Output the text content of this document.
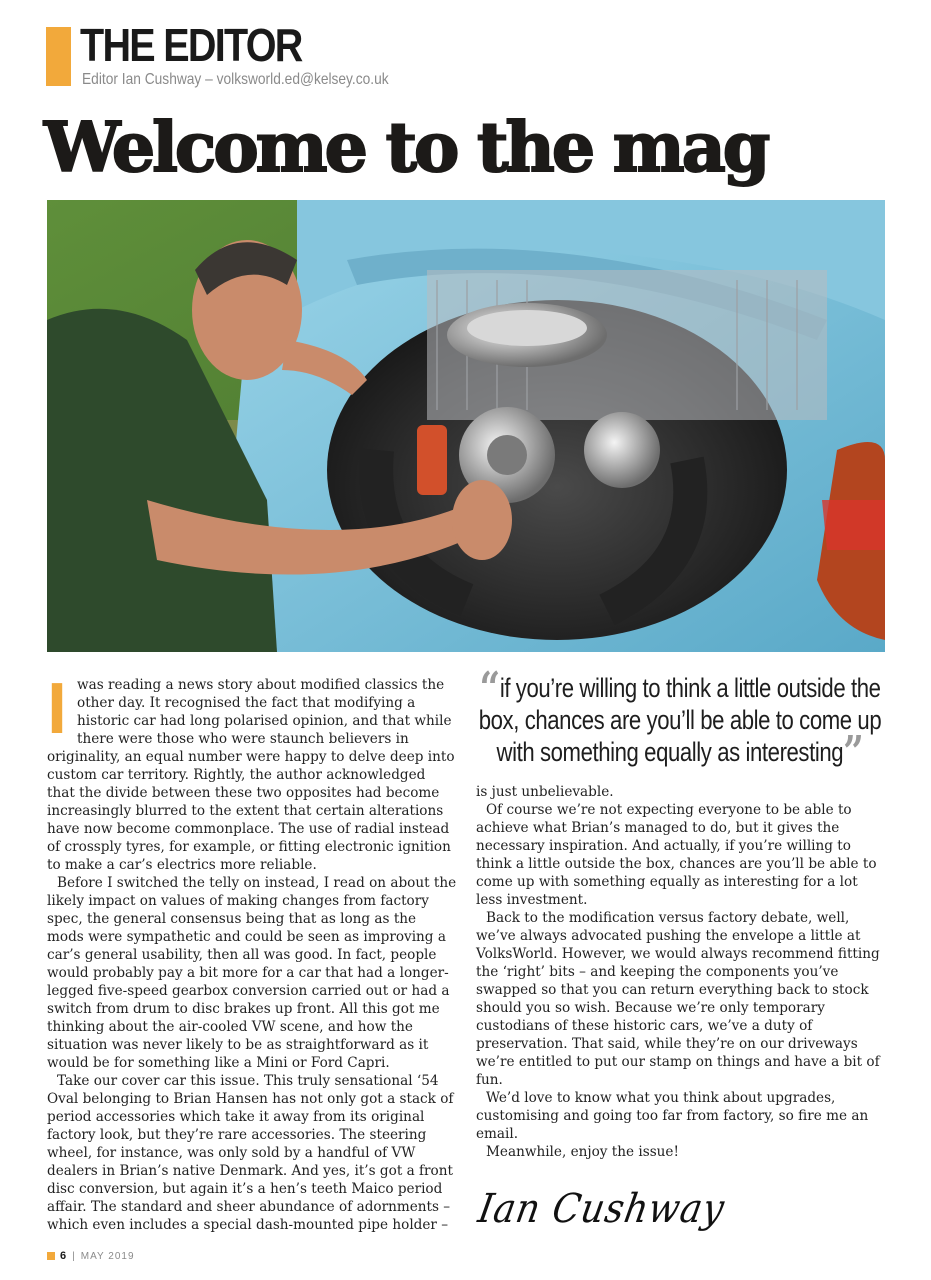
THE EDITOR
Editor Ian Cushway – volksworld.ed@kelsey.co.uk
Welcome to the mag
I was reading a news story about modified classics the other day. It recognised the fact that modifying a historic car had long polarised opinion, and that while there were those who were staunch believers in originality, an equal number were happy to delve deep into custom car territory. Rightly, the author acknowledged that the divide between these two opposites had become increasingly blurred to the extent that certain alterations have now become commonplace. The use of radial instead of crossply tyres, for example, or fitting electronic ignition to make a car’s electrics more reliable.

Before I switched the telly on instead, I read on about the likely impact on values of making changes from factory spec, the general consensus being that as long as the mods were sympathetic and could be seen as improving a car’s general usability, then all was good. In fact, people would probably pay a bit more for a car that had a longer-legged five-speed gearbox conversion carried out or had a switch from drum to disc brakes up front. All this got me thinking about the air-cooled VW scene, and how the situation was never likely to be as straightforward as it would be for something like a Mini or Ford Capri.

Take our cover car this issue. This truly sensational ‘54 Oval belonging to Brian Hansen has not only got a stack of period accessories which take it away from its original factory look, but they’re rare accessories. The steering wheel, for instance, was only sold by a handful of VW dealers in Brian’s native Denmark. And yes, it’s got a front disc conversion, but again it’s a hen’s teeth Maico period affair. The standard and sheer abundance of adornments – which even includes a special dash-mounted pipe holder –

“if you’re willing to think a little outside the box, chances are you’ll be able to come up with something equally as interesting”

is just unbelievable.

Of course we’re not expecting everyone to be able to achieve what Brian’s managed to do, but it gives the necessary inspiration. And actually, if you’re willing to think a little outside the box, chances are you’ll be able to come up with something equally as interesting for a lot less investment.

Back to the modification versus factory debate, well, we’ve always advocated pushing the envelope a little at VolksWorld. However, we would always recommend fitting the ‘right’ bits – and keeping the components you’ve swapped so that you can return everything back to stock should you so wish. Because we’re only temporary custodians of these historic cars, we’ve a duty of preservation. That said, while they’re on our driveways we’re entitled to put our stamp on things and have a bit of fun.

We’d love to know what you think about upgrades, customising and going too far from factory, so fire me an email.

Meanwhile, enjoy the issue!

Ian Cushway
6 | MAY 2019
